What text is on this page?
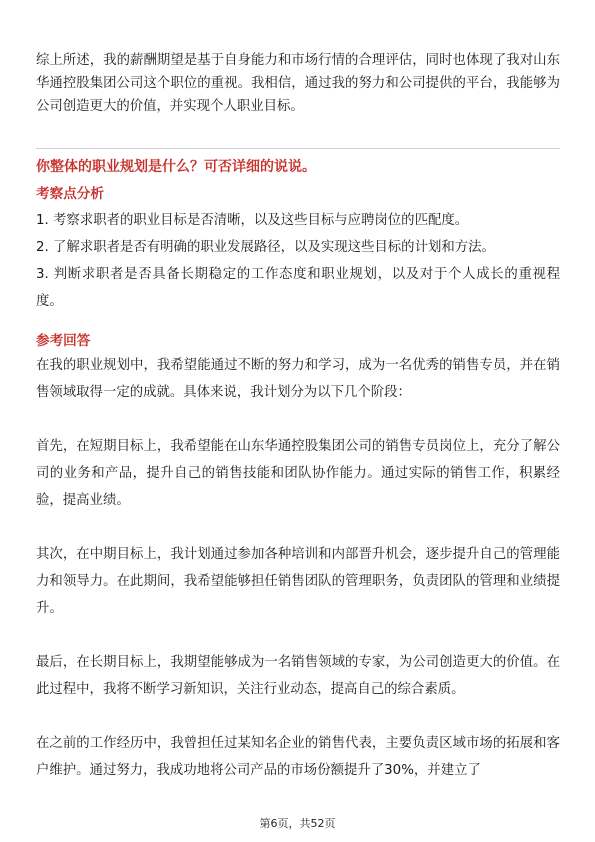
综上所述，我的薪酬期望是基于自身能力和市场行情的合理评估，同时也体现了我对山东华通控股集团公司这个职位的重视。我相信，通过我的努力和公司提供的平台，我能够为公司创造更大的价值，并实现个人职业目标。

你整体的职业规划是什么？可否详细的说说。

考察点分析

1. 考察求职者的职业目标是否清晰，以及这些目标与应聘岗位的匹配度。

2. 了解求职者是否有明确的职业发展路径，以及实现这些目标的计划和方法。

3. 判断求职者是否具备长期稳定的工作态度和职业规划，以及对于个人成长的重视程度。

参考回答

在我的职业规划中，我希望能通过不断的努力和学习，成为一名优秀的销售专员，并在销售领域取得一定的成就。具体来说，我计划分为以下几个阶段：

首先，在短期目标上，我希望能在山东华通控股集团公司的销售专员岗位上，充分了解公司的业务和产品，提升自己的销售技能和团队协作能力。通过实际的销售工作，积累经验，提高业绩。

其次，在中期目标上，我计划通过参加各种培训和内部晋升机会，逐步提升自己的管理能力和领导力。在此期间，我希望能够担任销售团队的管理职务，负责团队的管理和业绩提升。

最后，在长期目标上，我期望能够成为一名销售领域的专家，为公司创造更大的价值。在此过程中，我将不断学习新知识，关注行业动态，提高自己的综合素质。

在之前的工作经历中，我曾担任过某知名企业的销售代表，主要负责区域市场的拓展和客户维护。通过努力，我成功地将公司产品的市场份额提升了30%，并建立了

第6页，共52页
